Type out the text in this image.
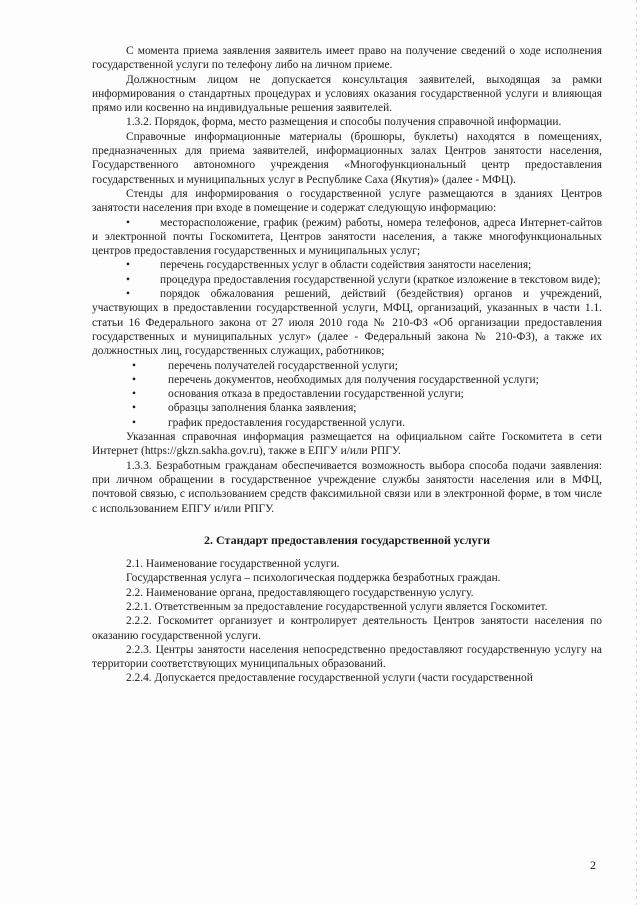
С момента приема заявления заявитель имеет право на получение сведений о ходе исполнения государственной услуги по телефону либо на личном приеме.

Должностным лицом не допускается консультация заявителей, выходящая за рамки информирования о стандартных процедурах и условиях оказания государственной услуги и влияющая прямо или косвенно на индивидуальные решения заявителей.

1.3.2. Порядок, форма, место размещения и способы получения справочной информации.

Справочные информационные материалы (брошюры, буклеты) находятся в помещениях, предназначенных для приема заявителей, информационных залах Центров занятости населения, Государственного автономного учреждения «Многофункциональный центр предоставления государственных и муниципальных услуг в Республике Саха (Якутия)» (далее - МФЦ).

Стенды для информирования о государственной услуге размещаются в зданиях Центров занятости населения при входе в помещение и содержат следующую информацию:

•	месторасположение, график (режим) работы, номера телефонов, адреса Интернет-сайтов и электронной почты Госкомитета, Центров занятости населения, а также многофункциональных центров предоставления государственных и муниципальных услуг;

•	перечень государственных услуг в области содействия занятости населения;

•	процедура предоставления государственной услуги (краткое изложение в текстовом виде);

•	порядок обжалования решений, действий (бездействия) органов и учреждений, участвующих в предоставлении государственной услуги, МФЦ, организаций, указанных в части 1.1. статьи 16 Федерального закона от 27 июля 2010 года № 210-ФЗ «Об организации предоставления государственных и муниципальных услуг» (далее - Федеральный закона № 210-ФЗ), а также их должностных лиц, государственных служащих, работников;

•	перечень получателей государственной услуги;

•	перечень документов, необходимых для получения государственной услуги;

•	основания отказа в предоставлении государственной услуги;

•	образцы заполнения бланка заявления;

•	график предоставления государственной услуги.

Указанная справочная информация размещается на официальном сайте Госкомитета в сети Интернет (https://gkzn.sakha.gov.ru), также в ЕПГУ и/или РПГУ.

1.3.3. Безработным гражданам обеспечивается возможность выбора способа подачи заявления: при личном обращении в государственное учреждение службы занятости населения или в МФЦ, почтовой связью, с использованием средств факсимильной связи или в электронной форме, в том числе с использованием ЕПГУ и/или РПГУ.

2. Стандарт предоставления государственной услуги

2.1. Наименование государственной услуги.

Государственная услуга – психологическая поддержка безработных граждан.

2.2. Наименование органа, предоставляющего государственную услугу.

2.2.1. Ответственным за предоставление государственной услуги является Госкомитет.

2.2.2. Госкомитет организует и контролирует деятельность Центров занятости населения по оказанию государственной услуги.

2.2.3. Центры занятости населения непосредственно предоставляют государственную услугу на территории соответствующих муниципальных образований.

2.2.4. Допускается предоставление государственной услуги (части государственной

2
